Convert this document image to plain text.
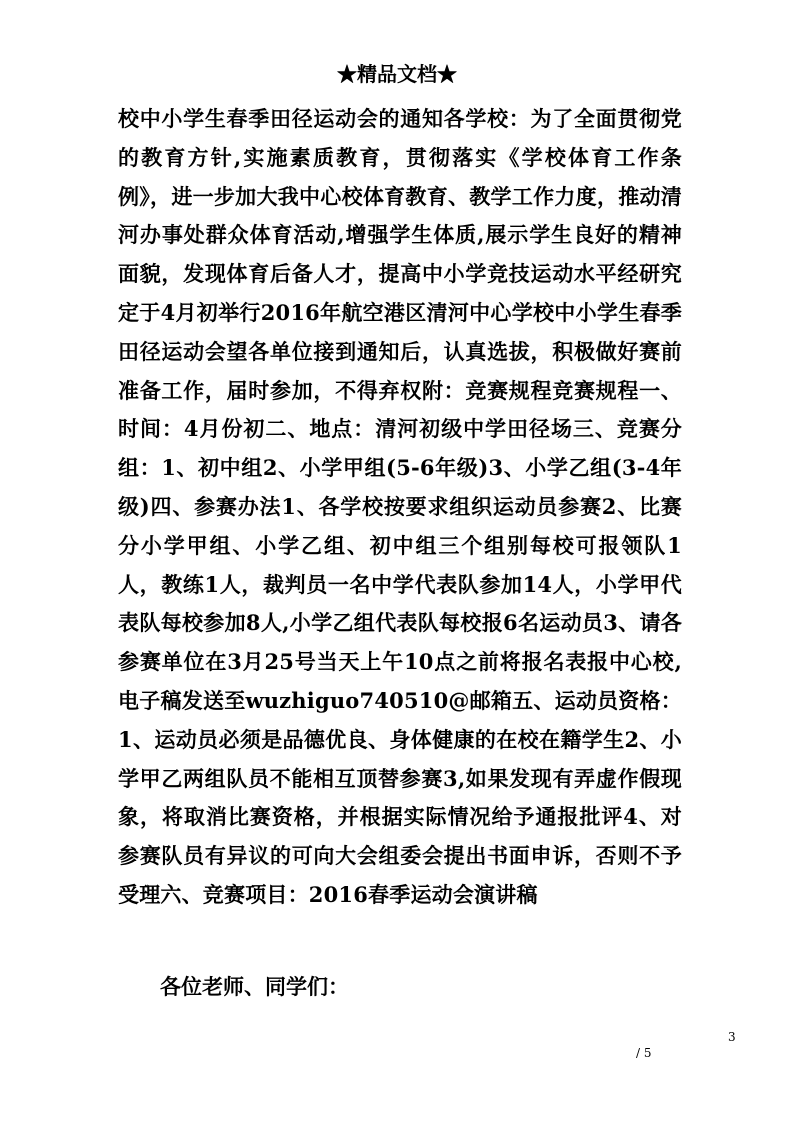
★精品文档★
校中小学生春季田径运动会的通知各学校：为了全面贯彻党的教育方针,实施素质教育，贯彻落实《学校体育工作条例》，进一步加大我中心校体育教育、教学工作力度，推动清河办事处群众体育活动,增强学生体质,展示学生良好的精神面貌，发现体育后备人才，提高中小学竞技运动水平经研究定于4月初举行2016年航空港区清河中心学校中小学生春季田径运动会望各单位接到通知后，认真选拔，积极做好赛前准备工作，届时参加，不得弃权附：竞赛规程竞赛规程一、时间：4月份初二、地点：清河初级中学田径场三、竞赛分组：1、初中组2、小学甲组(5-6年级)3、小学乙组(3-4年级)四、参赛办法1、各学校按要求组织运动员参赛2、比赛分小学甲组、小学乙组、初中组三个组别每校可报领队1人，教练1人，裁判员一名中学代表队参加14人，小学甲代表队每校参加8人,小学乙组代表队每校报6名运动员3、请各参赛单位在3月25号当天上午10点之前将报名表报中心校,电子稿发送至wuzhiguo740510@邮箱五、运动员资格：1、运动员必须是品德优良、身体健康的在校在籍学生2、小学甲乙两组队员不能相互顶替参赛3,如果发现有弄虚作假现象，将取消比赛资格，并根据实际情况给予通报批评4、对参赛队员有异议的可向大会组委会提出书面申诉，否则不予受理六、竞赛项目：2016春季运动会演讲稿
各位老师、同学们：
3
/ 5
